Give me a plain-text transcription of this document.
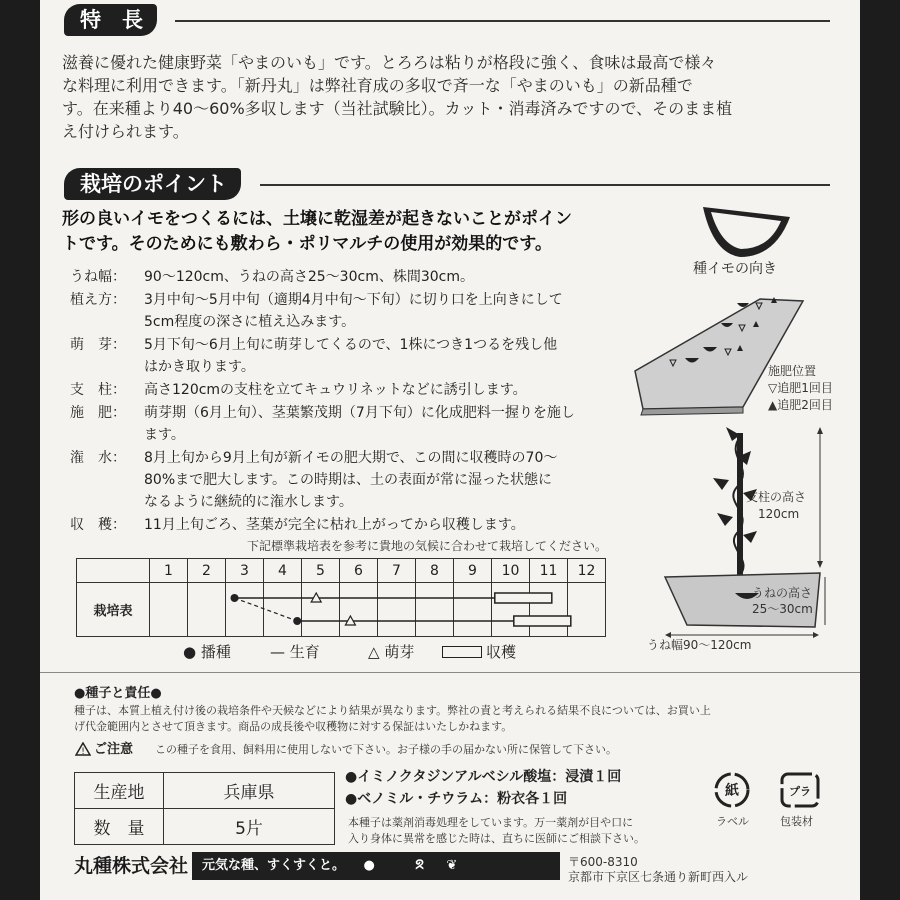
特　長
滋養に優れた健康野菜「やまのいも」です。とろろは粘りが格段に強く、食味は最高で様々
な料理に利用できます。「新丹丸」は弊社育成の多収で斉一な「やまのいも」の新品種で
す。在来種より40〜60%多収します（当社試験比）。カット・消毒済みですので、そのまま植
え付けられます。
栽培のポイント
形の良いイモをつくるには、土壌に乾湿差が起きないことがポイン
トです。そのためにも敷わら・ポリマルチの使用が効果的です。
うね幅： 90〜120cm、うねの高さ25〜30cm、株間30cm。
植え方： 3月中旬〜5月中旬（適期4月中旬〜下旬）に切り口を上向きにして
5cm程度の深さに植え込みます。
萌　芽： 5月下旬〜6月上旬に萌芽してくるので、1株につき1つるを残し他
はかき取ります。
支　柱： 高さ120cmの支柱を立てキュウリネットなどに誘引します。
施　肥： 萌芽期（6月上旬）、茎葉繁茂期（7月下旬）に化成肥料一握りを施し
ます。
潅　水： 8月上旬から9月上旬が新イモの肥大期で、この間に収穫時の70〜
80%まで肥大します。この時期は、土の表面が常に湿った状態に
なるように継続的に潅水します。
収　穫： 11月上旬ごろ、茎葉が完全に枯れ上がってから収穫します。
種イモの向き
施肥位置
▽追肥1回目
▲追肥2回目
支柱の高さ
120cm
うねの高さ
25〜30cm
うね幅90〜120cm
下記標準栽培表を参考に貴地の気候に合わせて栽培してください。
	1	2	3	4	5	6	7	8	9	10	11	12
栽培表												
● 播種	— 生育	△ 萌芽	収穫
●種子と責任●
種子は、本質上植え付け後の栽培条件や天候などにより結果が異なります。弊社の責と考えられる結果不良については、お買い上
げ代金範囲内とさせて頂きます。商品の成長後や収穫物に対する保証はいたしかねます。
! ご注意 この種子を食用、飼料用に使用しないで下さい。お子様の手の届かない所に保管して下さい。
生産地	兵庫県
数　量	5片
●イミノクタジンアルベシル酸塩：浸漬１回
●ベノミル・チウラム：粉衣各１回
本種子は薬剤消毒処理をしています。万一薬剤が目や口に
入り身体に異常を感じた時は、直ちに医師にご相談下さい。
紙	プラ
ラベル	包装材
丸種株式会社	元気な種、すくすくと。 ●	ᘝ ❦	〒600-8310
京都市下京区七条通り新町西入ル
